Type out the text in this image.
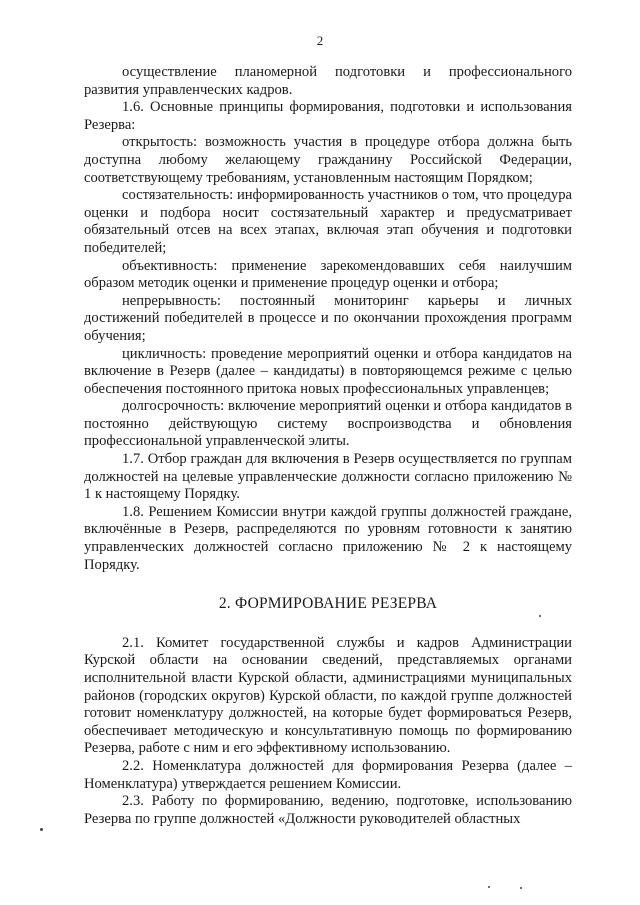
2

осуществление планомерной подготовки и профессионального развития управленческих кадров.

1.6. Основные принципы формирования, подготовки и использования Резерва:

открытость: возможность участия в процедуре отбора должна быть доступна любому желающему гражданину Российской Федерации, соответствующему требованиям, установленным настоящим Порядком;

состязательность: информированность участников о том, что процедура оценки и подбора носит состязательный характер и предусматривает обязательный отсев на всех этапах, включая этап обучения и подготовки победителей;

объективность: применение зарекомендовавших себя наилучшим образом методик оценки и применение процедур оценки и отбора;

непрерывность: постоянный мониторинг карьеры и личных достижений победителей в процессе и по окончании прохождения программ обучения;

цикличность: проведение мероприятий оценки и отбора кандидатов на включение в Резерв (далее – кандидаты) в повторяющемся режиме с целью обеспечения постоянного притока новых профессиональных управленцев;

долгосрочность: включение мероприятий оценки и отбора кандидатов в постоянно действующую систему воспроизводства и обновления профессиональной управленческой элиты.

1.7. Отбор граждан для включения в Резерв осуществляется по группам должностей на целевые управленческие должности согласно приложению № 1 к настоящему Порядку.

1.8. Решением Комиссии внутри каждой группы должностей граждане, включённые в Резерв, распределяются по уровням готовности к занятию управленческих должностей согласно приложению № 2 к настоящему Порядку.

2. ФОРМИРОВАНИЕ РЕЗЕРВА

2.1. Комитет государственной службы и кадров Администрации Курской области на основании сведений, представляемых органами исполнительной власти Курской области, администрациями муниципальных районов (городских округов) Курской области, по каждой группе должностей готовит номенклатуру должностей, на которые будет формироваться Резерв, обеспечивает методическую и консультативную помощь по формированию Резерва, работе с ним и его эффективному использованию.

2.2. Номенклатура должностей для формирования Резерва (далее – Номенклатура) утверждается решением Комиссии.

2.3. Работу по формированию, ведению, подготовке, использованию Резерва по группе должностей «Должности руководителей областных
